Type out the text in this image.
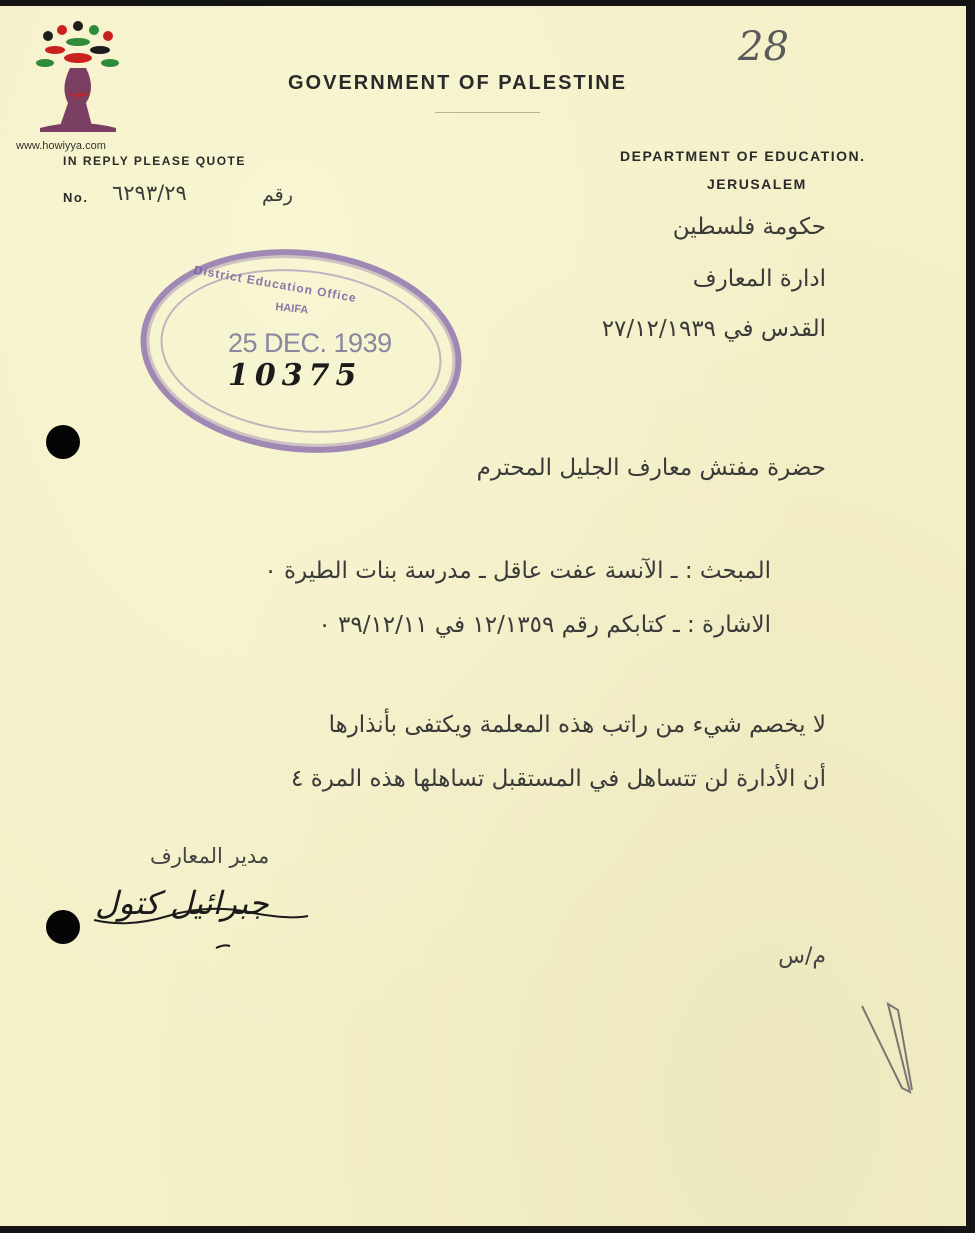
هوية
www.howiyya.com
28
GOVERNMENT OF PALESTINE
IN REPLY PLEASE QUOTE
No. ٦٢٩٣/٢٩	رقم
DEPARTMENT OF EDUCATION.
JERUSALEM
حكومة فلسطين
ادارة المعارف
القدس في ٢٧/١٢/١٩٣٩
District Education Office
HAIFA
25 DEC. 1939
10375
حضرة مفتش معارف الجليل المحترم
المبحث : ـ الآنسة عفت عاقل ـ مدرسة بنات الطيرة ٠
الاشارة : ـ كتابكم رقم ١٢/١٣٥٩ في ٣٩/١٢/١١ ٠
لا يخصم شيء من راتب هذه المعلمة ويكتفى بأنذارها
أن الأدارة لن تتساهل في المستقبل تساهلها هذه المرة ٤
مدير المعارف
جبرائيل كتول
م/س
